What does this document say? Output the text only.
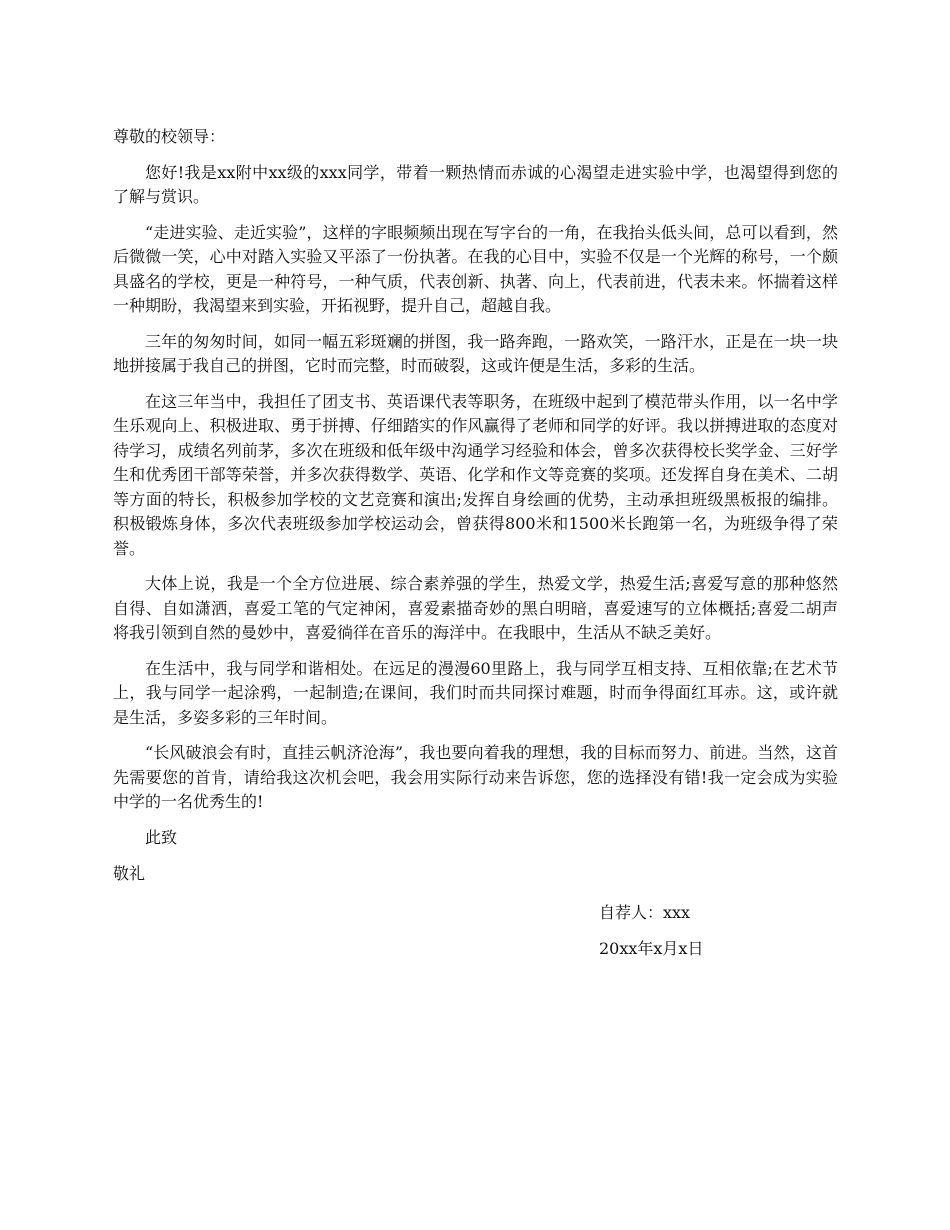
尊敬的校领导：
您好!我是xx附中xx级的xxx同学，带着一颗热情而赤诚的心渴望走进实验中学，也渴望得到您的了解与赏识。
“走进实验、走近实验”，这样的字眼频频出现在写字台的一角，在我抬头低头间，总可以看到，然后微微一笑，心中对踏入实验又平添了一份执著。在我的心目中，实验不仅是一个光辉的称号，一个颇具盛名的学校，更是一种符号，一种气质，代表创新、执著、向上，代表前进，代表未来。怀揣着这样一种期盼，我渴望来到实验，开拓视野，提升自己，超越自我。
三年的匆匆时间，如同一幅五彩斑斓的拼图，我一路奔跑，一路欢笑，一路汗水，正是在一块一块地拼接属于我自己的拼图，它时而完整，时而破裂，这或许便是生活，多彩的生活。
在这三年当中，我担任了团支书、英语课代表等职务，在班级中起到了模范带头作用，以一名中学生乐观向上、积极进取、勇于拼搏、仔细踏实的作风赢得了老师和同学的好评。我以拼搏进取的态度对待学习，成绩名列前茅，多次在班级和低年级中沟通学习经验和体会，曾多次获得校长奖学金、三好学生和优秀团干部等荣誉，并多次获得数学、英语、化学和作文等竞赛的奖项。还发挥自身在美术、二胡等方面的特长，积极参加学校的文艺竞赛和演出;发挥自身绘画的优势，主动承担班级黑板报的编排。积极锻炼身体，多次代表班级参加学校运动会，曾获得800米和1500米长跑第一名，为班级争得了荣誉。
大体上说，我是一个全方位进展、综合素养强的学生，热爱文学，热爱生活;喜爱写意的那种悠然自得、自如潇洒，喜爱工笔的气定神闲，喜爱素描奇妙的黑白明暗，喜爱速写的立体概括;喜爱二胡声将我引领到自然的曼妙中，喜爱徜徉在音乐的海洋中。在我眼中，生活从不缺乏美好。
在生活中，我与同学和谐相处。在远足的漫漫60里路上，我与同学互相支持、互相依靠;在艺术节上，我与同学一起涂鸦，一起制造;在课间，我们时而共同探讨难题，时而争得面红耳赤。这，或许就是生活，多姿多彩的三年时间。
“长风破浪会有时，直挂云帆济沧海”，我也要向着我的理想，我的目标而努力、前进。当然，这首先需要您的首肯，请给我这次机会吧，我会用实际行动来告诉您，您的选择没有错!我一定会成为实验中学的一名优秀生的!
此致
敬礼
自荐人：xxx
20xx年x月x日
